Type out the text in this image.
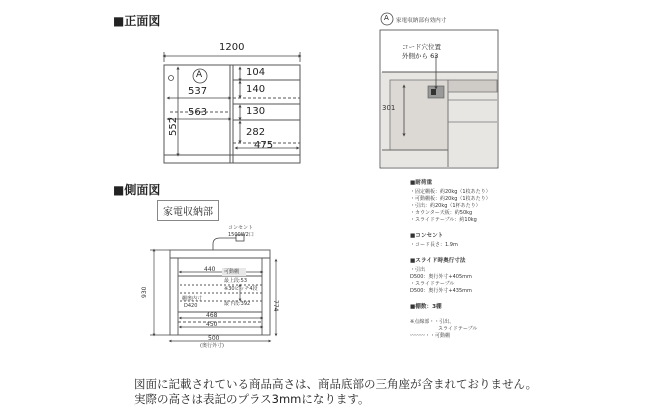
■正面図
1200
A
537
563
552
104
140
130
282
475
A 家電収納部有効内寸
コード穴位置
外側から 63
301
■側面図
家電収納部
コンセント
1500W2口
440 可動棚
最上段:53
※30ピッチ4段
最下段:392
930
774
棚奥内寸
D420
468
450
500
(奥行外寸)
■耐荷重
・固定棚板：約20kg（1枚あたり）
・可動棚板：約20kg（1枚あたり）
・引出：約20kg（1杯あたり）
・カウンター天板：約50kg
・スライドテーブル：約10kg
■コンセント
・コード長さ：1.9m
■スライド時奥行寸法
・引出
D500：奥行外寸+405mm
・スライドテーブル
D500：奥行外寸+435mm
■棚数：3棚
※点線部・・引出、
スライドテーブル
〰〰〰・・可動棚
図面に記載されている商品高さは、商品底部の三角座が含まれておりません。
実際の高さは表記のプラス3mmになります。
